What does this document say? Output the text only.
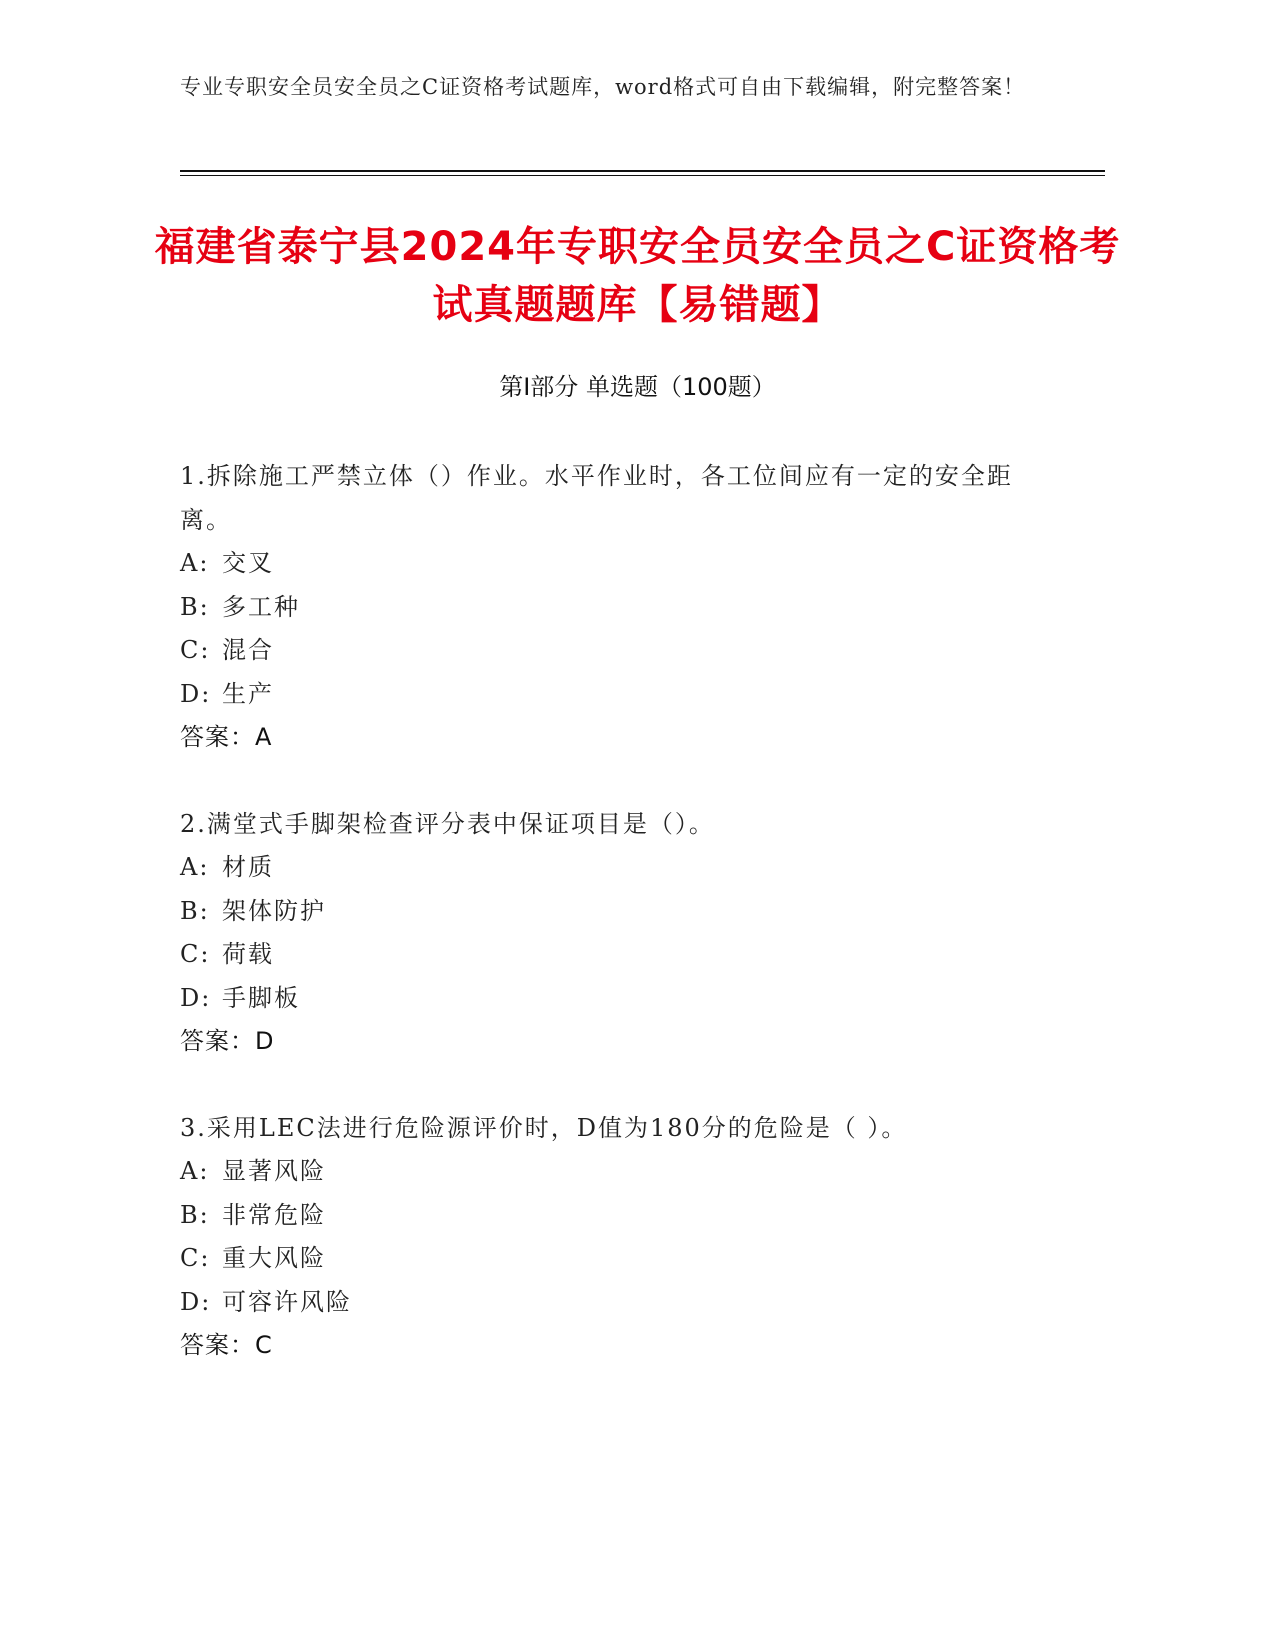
专业专职安全员安全员之C证资格考试题库，word格式可自由下载编辑，附完整答案！
福建省泰宁县2024年专职安全员安全员之C证资格考试真题题库【易错题】
第I部分 单选题（100题）
1.拆除施工严禁立体（）作业。水平作业时，各工位间应有一定的安全距离。
A: 交叉
B: 多工种
C: 混合
D: 生产
答案：A
2.满堂式手脚架检查评分表中保证项目是（）。
A: 材质
B: 架体防护
C: 荷载
D: 手脚板
答案：D
3.采用LEC法进行危险源评价时，D值为180分的危险是（ ）。
A: 显著风险
B: 非常危险
C: 重大风险
D: 可容许风险
答案：C
